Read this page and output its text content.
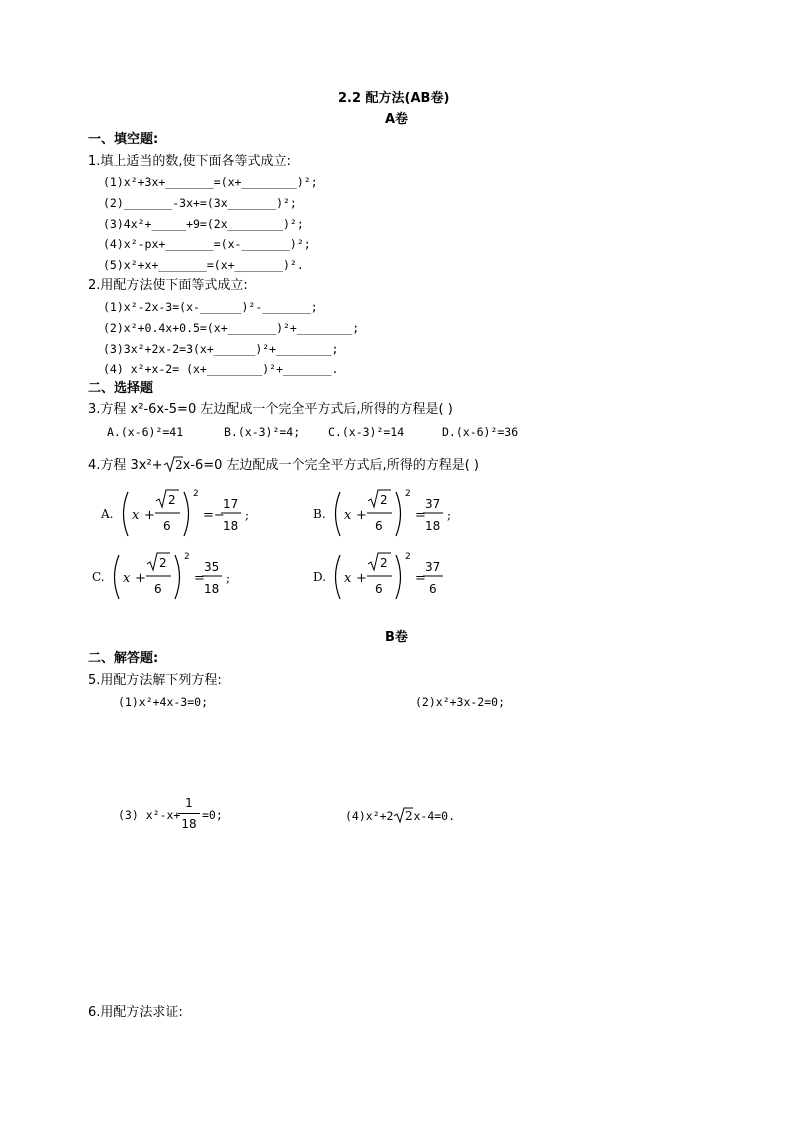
2.2 配方法(AB卷)
A卷
一、填空题:
1.填上适当的数,使下面各等式成立:
(1)x²+3x+_______=(x+________)²;
(2)_______-3x+=(3x_______)²;
(3)4x²+_____+9=(2x________)²;
(4)x²-px+_______=(x-_______)²;
(5)x²+x+_______=(x+_______)².
2.用配方法使下面等式成立:
(1)x²-2x-3=(x-______)²-_______;
(2)x²+0.4x+0.5=(x+_______)²+________;
(3)3x²+2x-2=3(x+______)²+________;
(4) x²+x-2= (x+________)²+_______.
二、选择题
3.方程 x²-6x-5=0 左边配成一个完全平方式后,所得的方程是( )
A.(x-6)²=41	B.(x-3)²=4; C.(x-3)²=14	D.(x-6)²=36
4.方程 3x²+ 2 x-6=0 左边配成一个完全平方式后,所得的方程是( )
A. x +
2
6
2
=−
17
18
;	B. x +
2
6
2
=
37
18
;
C. x +
2
6
2
=
35
18
;	D. x +
2
6
2
=
37
6
B卷
二、解答题:
5.用配方法解下列方程:
(1)x²+4x-3=0;	(2)x²+3x-2=0;
(3) x²-x+
1
18
=0;	(4)x²+2 2 x-4=0.
6.用配方法求证:
